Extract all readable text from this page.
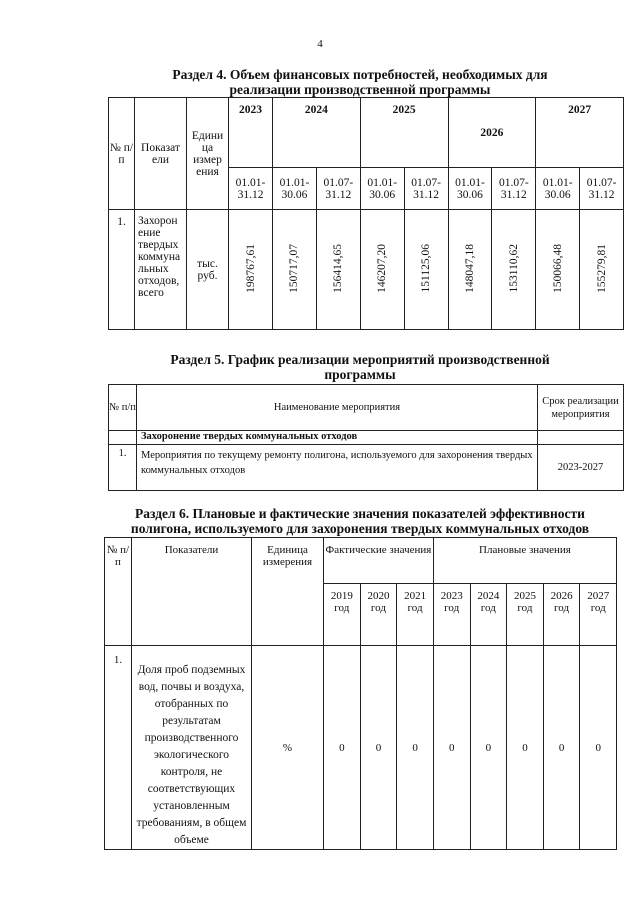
4
Раздел 4. Объем финансовых потребностей, необходимых для
реализации производственной программы
№ п/п	Показат ели	Едини ца измер ения	2023	2024		2025		2026		2027	
			01.01-31.12	01.01-30.06	01.07-31.12	01.01-30.06	01.07-31.12	01.01-30.06	01.07-31.12	01.01-30.06	01.07-31.12
1.	Захорон ение твердых коммуна льных отходов, всего	тыс. руб.	198767,61	150717,07	156414,65	146207,20	151125,06	148047,18	153110,62	150066,48	155279,81
Раздел 5. График реализации мероприятий производственной
программы
№ п/п	Наименование мероприятия	Срок реализации мероприятия
	Захоронение твердых коммунальных отходов	
1.	Мероприятия по текущему ремонту полигона, используемого для захоронения твердых коммунальных отходов	2023-2027
Раздел 6. Плановые и фактические значения показателей эффективности
полигона, используемого для захоронения твердых коммунальных отходов
№ п/п	Показатели	Единица измерения	Фактические значения			Плановые значения				
			2019 год	2020 год	2021 год	2023 год	2024 год	2025 год	2026 год	2027 год
1.	Доля проб подземных вод, почвы и воздуха, отобранных по результатам производственного экологического контроля, не соответствующих установленным требованиям, в общем объеме	%	0	0	0	0	0	0	0	0
